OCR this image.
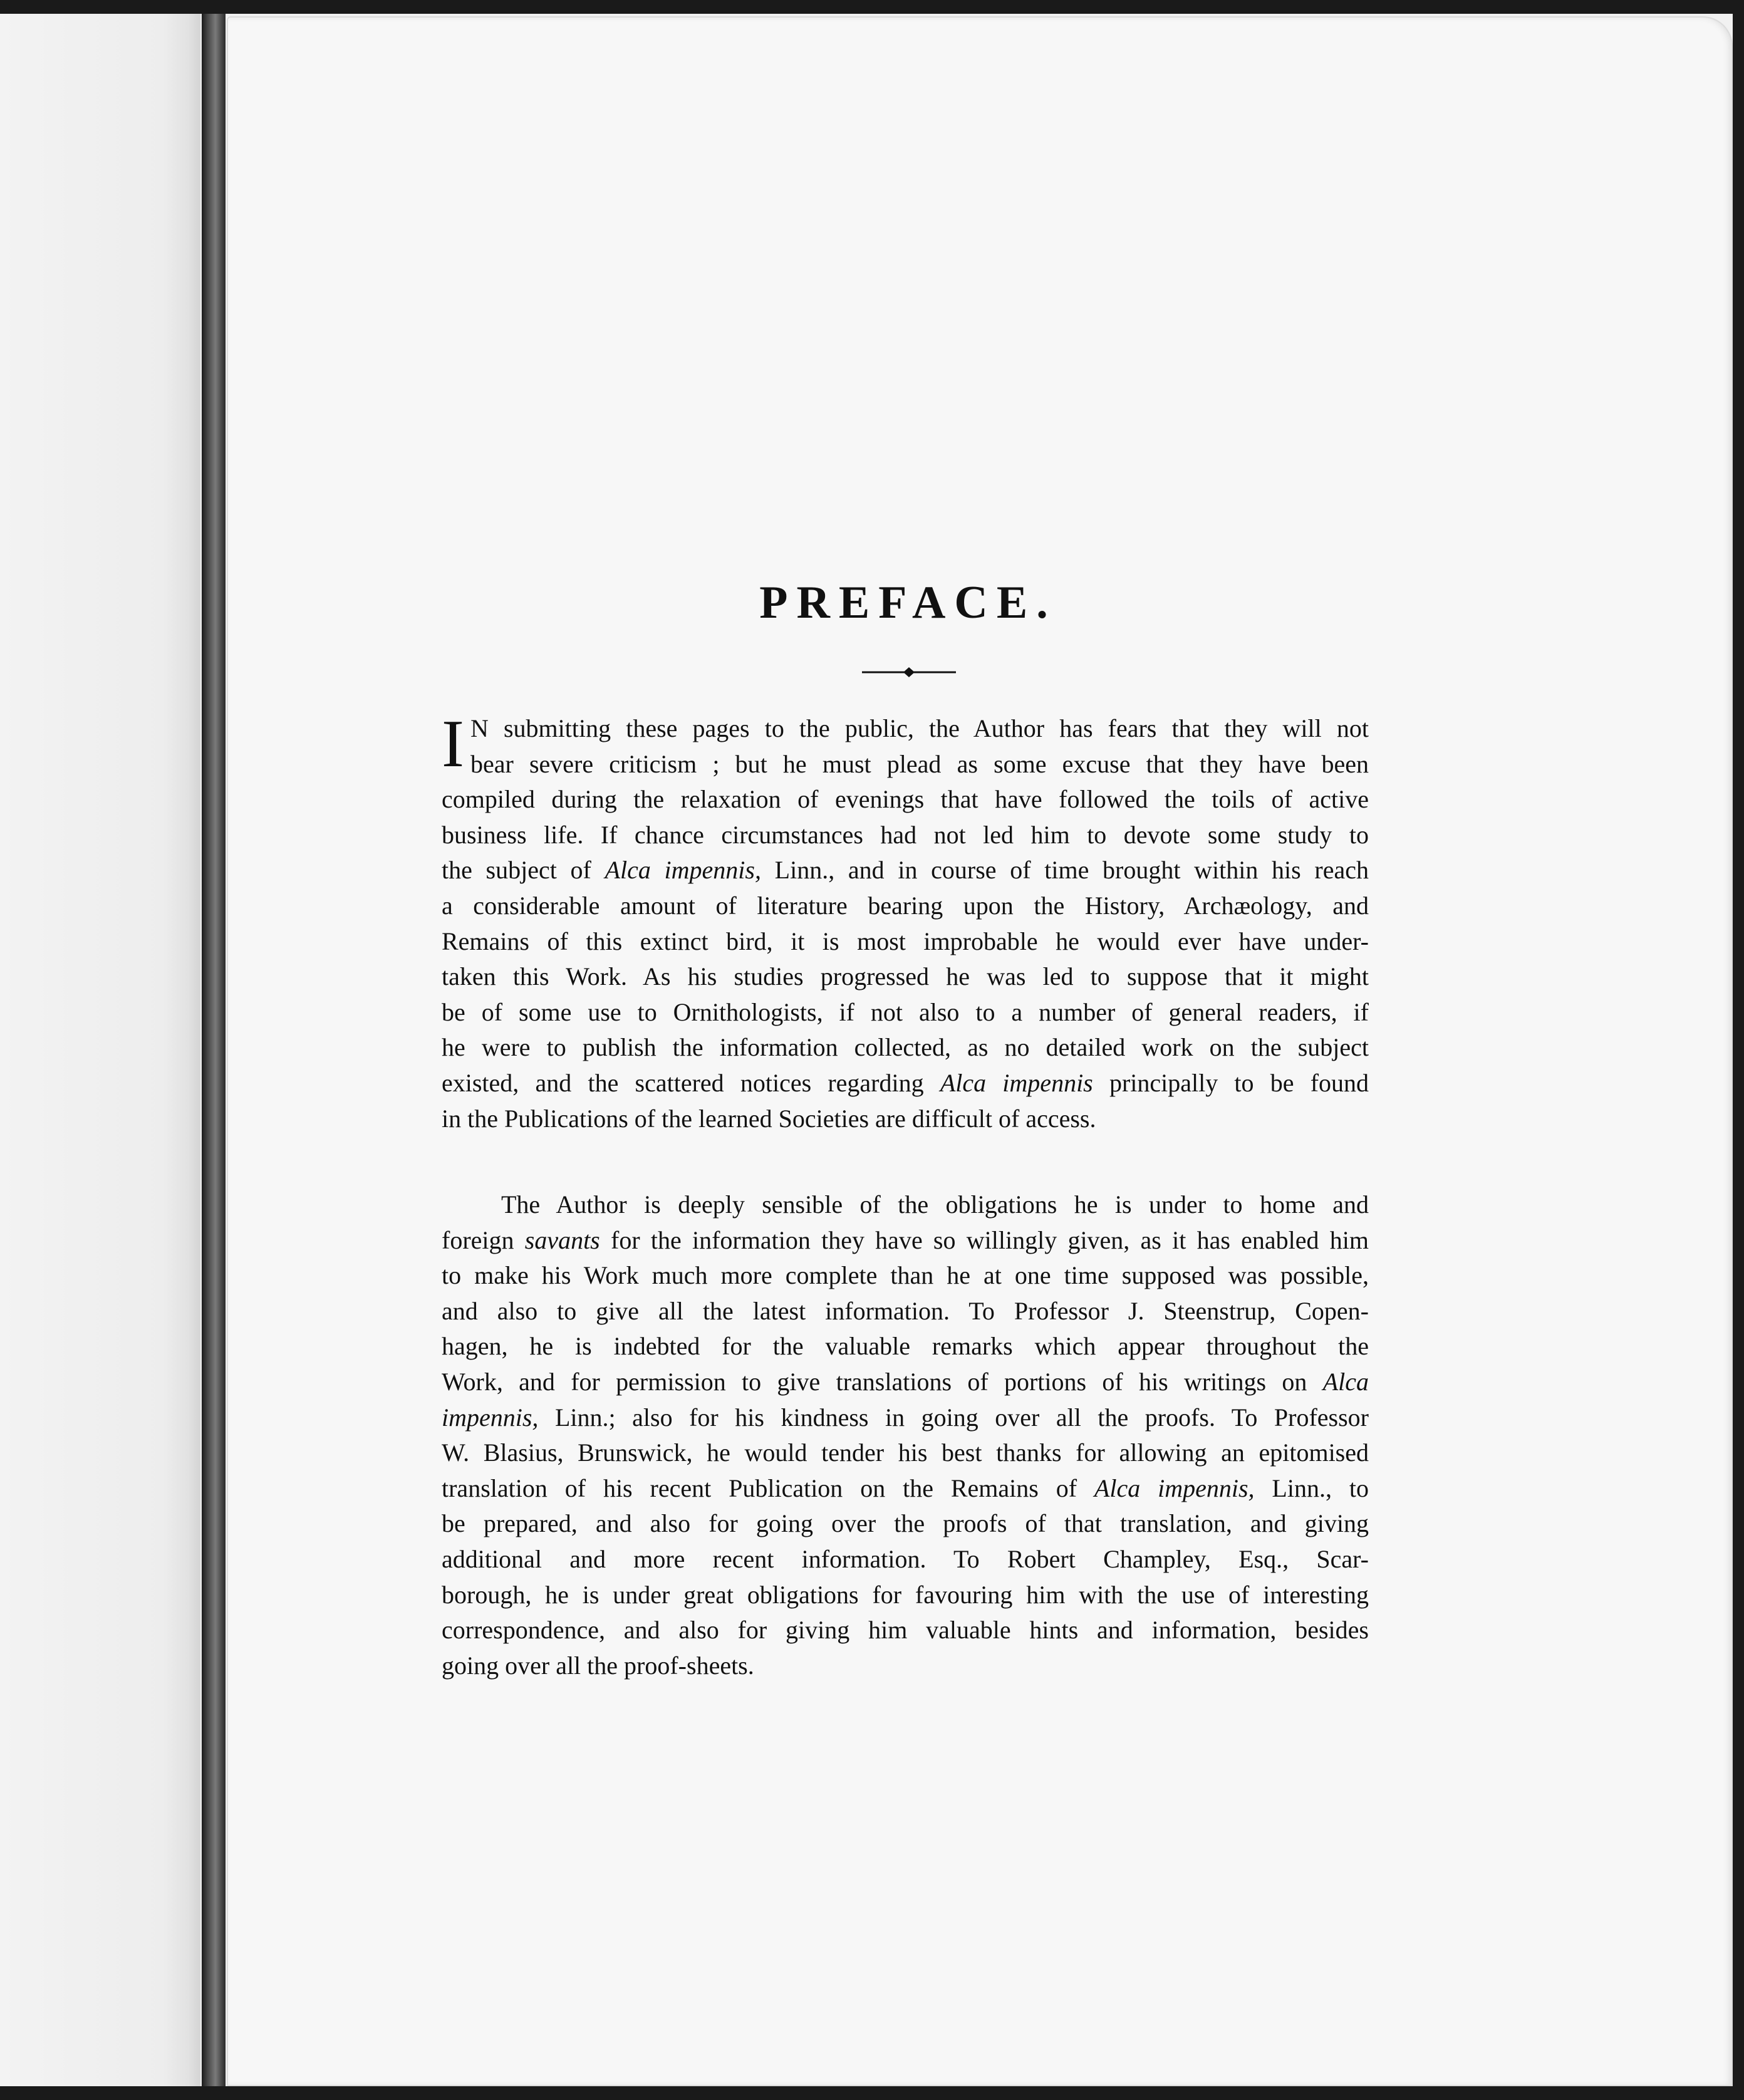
PREFACE.
I N submitting these pages to the public, the Author has fears that they will not
bear severe criticism ; but he must plead as some excuse that they have been
compiled during the relaxation of evenings that have followed the toils of active
business life. If chance circumstances had not led him to devote some study to
the subject of Alca impennis, Linn., and in course of time brought within his reach
a considerable amount of literature bearing upon the History, Archæology, and
Remains of this extinct bird, it is most improbable he would ever have under-
taken this Work. As his studies progressed he was led to suppose that it might
be of some use to Ornithologists, if not also to a number of general readers, if
he were to publish the information collected, as no detailed work on the subject
existed, and the scattered notices regarding Alca impennis principally to be found
in the Publications of the learned Societies are difficult of access.
The Author is deeply sensible of the obligations he is under to home and
foreign savants for the information they have so willingly given, as it has enabled him
to make his Work much more complete than he at one time supposed was possible,
and also to give all the latest information. To Professor J. Steenstrup, Copen-
hagen, he is indebted for the valuable remarks which appear throughout the
Work, and for permission to give translations of portions of his writings on Alca
impennis, Linn.; also for his kindness in going over all the proofs. To Professor
W. Blasius, Brunswick, he would tender his best thanks for allowing an epitomised
translation of his recent Publication on the Remains of Alca impennis, Linn., to
be prepared, and also for going over the proofs of that translation, and giving
additional and more recent information. To Robert Champley, Esq., Scar-
borough, he is under great obligations for favouring him with the use of interesting
correspondence, and also for giving him valuable hints and information, besides
going over all the proof-sheets.
